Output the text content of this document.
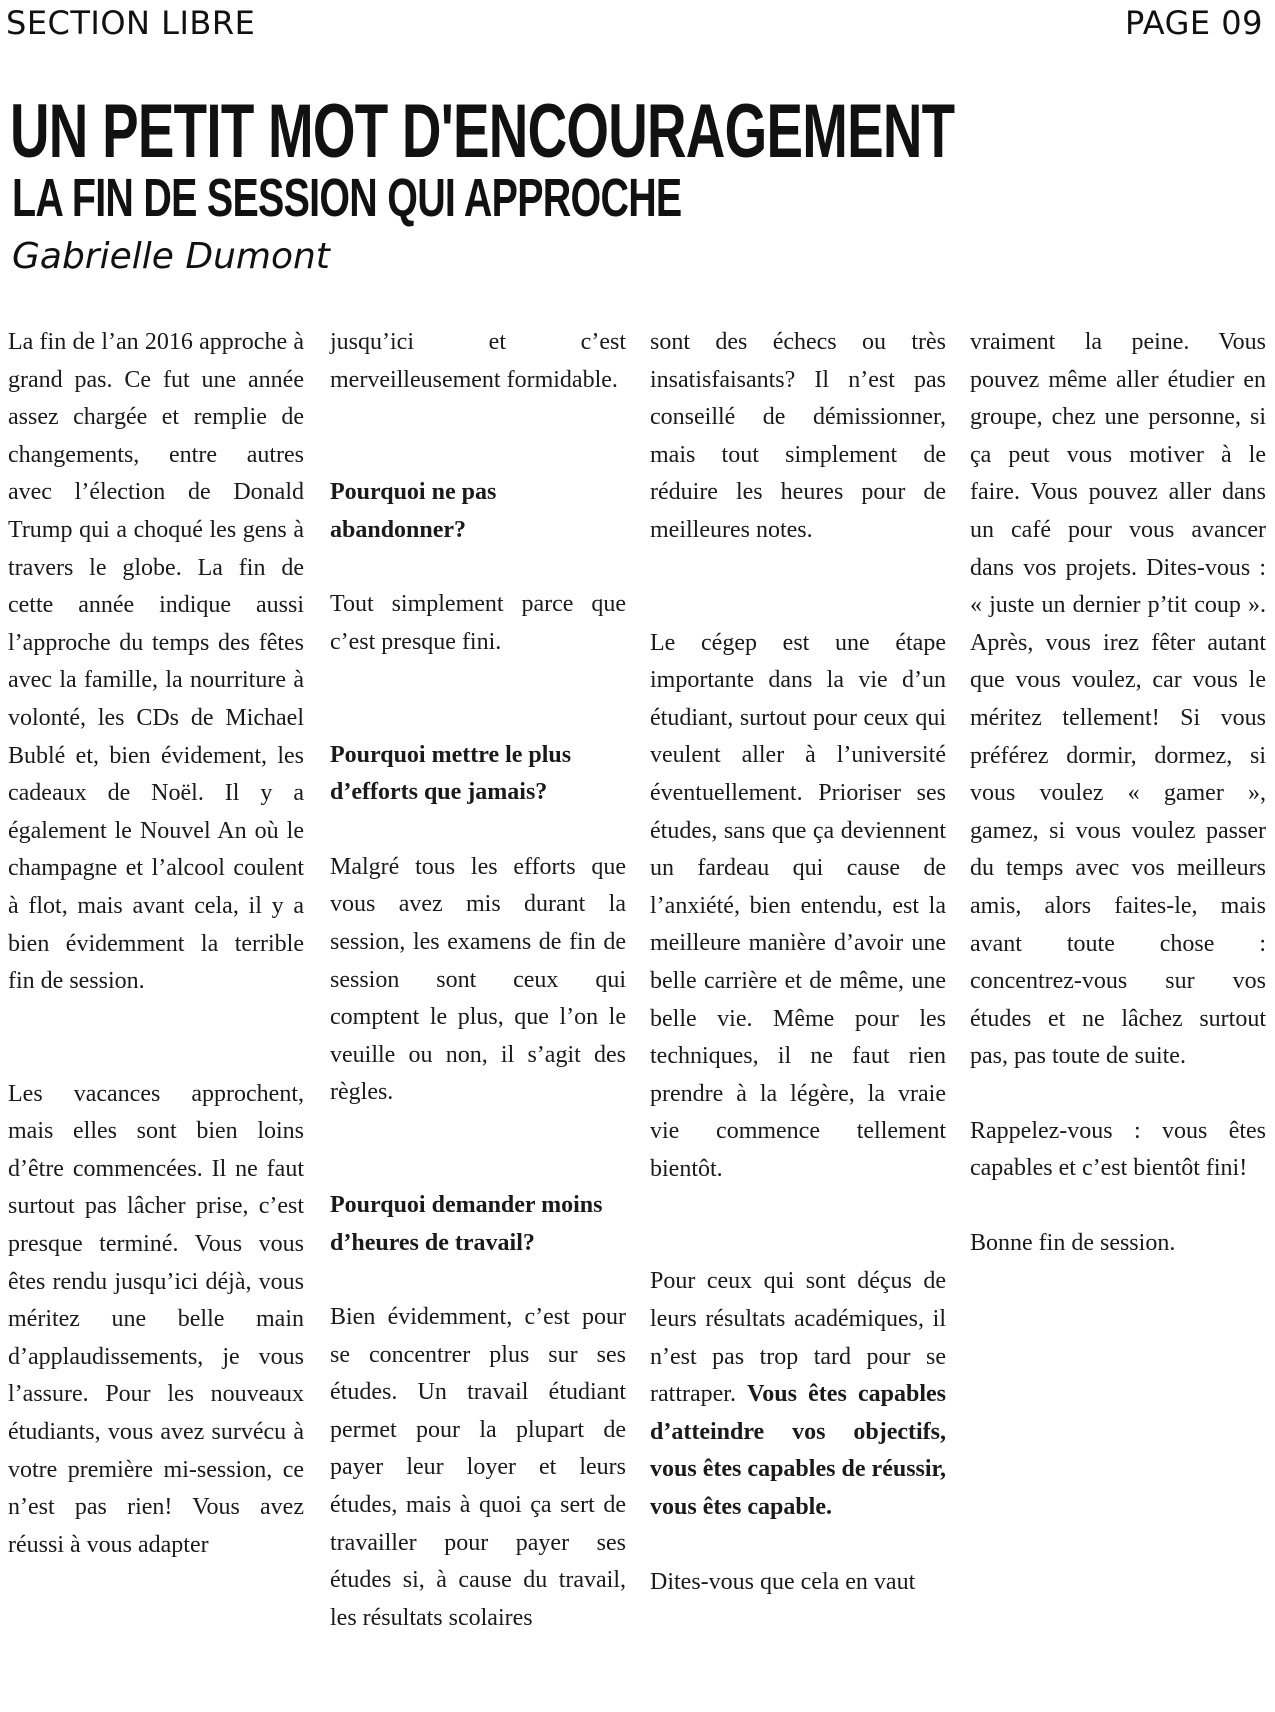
SECTION LIBRE	PAGE 09
UN PETIT MOT D'ENCOURAGEMENT
LA FIN DE SESSION QUI APPROCHE
Gabrielle Dumont

La fin de l’an 2016 approche à grand pas. Ce fut une année assez chargée et remplie de changements, entre autres avec l’élection de Donald Trump qui a choqué les gens à travers le globe. La fin de cette année indique aussi l’approche du temps des fêtes avec la famille, la nourriture à volonté, les CDs de Michael Bublé et, bien évidement, les cadeaux de Noël. Il y a également le Nouvel An où le champagne et l’alcool coulent à flot, mais avant cela, il y a bien évidemment la terrible fin de session.

Les vacances approchent, mais elles sont bien loins d’être commencées. Il ne faut surtout pas lâcher prise, c’est presque terminé. Vous vous êtes rendu jusqu’ici déjà, vous méritez une belle main d’applaudissements, je vous l’assure. Pour les nouveaux étudiants, vous avez survécu à votre première mi-session, ce n’est pas rien! Vous avez réussi à vous adapter

jusqu’ici et c’est merveilleusement formidable.

Pourquoi ne pas abandonner?

Tout simplement parce que c’est presque fini.

Pourquoi mettre le plus d’efforts que jamais?

Malgré tous les efforts que vous avez mis durant la session, les examens de fin de session sont ceux qui comptent le plus, que l’on le veuille ou non, il s’agit des règles.

Pourquoi demander moins d’heures de travail?

Bien évidemment, c’est pour se concentrer plus sur ses études. Un travail étudiant permet pour la plupart de payer leur loyer et leurs études, mais à quoi ça sert de travailler pour payer ses études si, à cause du travail, les résultats scolaires

sont des échecs ou très insatisfaisants? Il n’est pas conseillé de démissionner, mais tout simplement de réduire les heures pour de meilleures notes.

Le cégep est une étape importante dans la vie d’un étudiant, surtout pour ceux qui veulent aller à l’université éventuellement. Prioriser ses études, sans que ça deviennent un fardeau qui cause de l’anxiété, bien entendu, est la meilleure manière d’avoir une belle carrière et de même, une belle vie. Même pour les techniques, il ne faut rien prendre à la légère, la vraie vie commence tellement bientôt.

Pour ceux qui sont déçus de leurs résultats académiques, il n’est pas trop tard pour se rattraper. Vous êtes capables d’atteindre vos objectifs, vous êtes capables de réussir, vous êtes capable.

Dites-vous que cela en vaut

vraiment la peine. Vous pouvez même aller étudier en groupe, chez une personne, si ça peut vous motiver à le faire. Vous pouvez aller dans un café pour vous avancer dans vos projets. Dites-vous : « juste un dernier p’tit coup ». Après, vous irez fêter autant que vous voulez, car vous le méritez tellement! Si vous préférez dormir, dormez, si vous voulez « gamer », gamez, si vous voulez passer du temps avec vos meilleurs amis, alors faites-le, mais avant toute chose : concentrez-vous sur vos études et ne lâchez surtout pas, pas toute de suite.

Rappelez-vous : vous êtes capables et c’est bientôt fini!

Bonne fin de session.
